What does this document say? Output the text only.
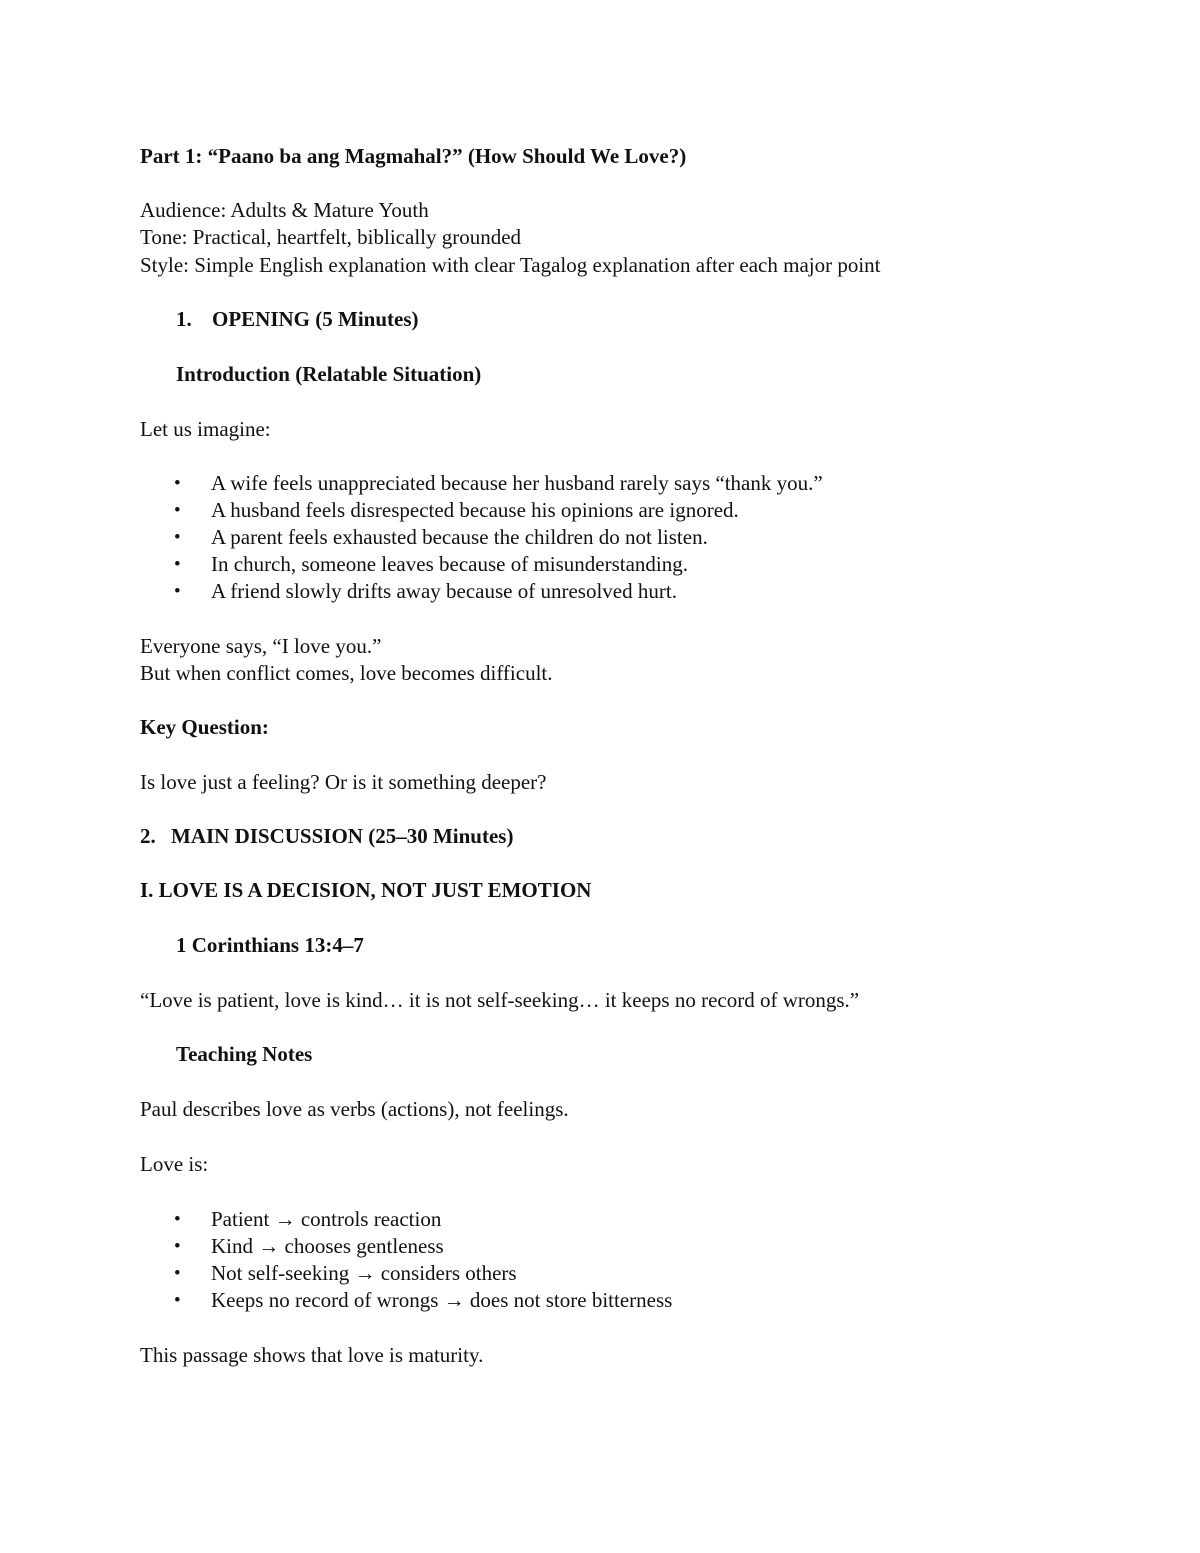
Part 1: “Paano ba ang Magmahal?” (How Should We Love?)
Audience: Adults & Mature Youth
Tone: Practical, heartfelt, biblically grounded
Style: Simple English explanation with clear Tagalog explanation after each major point
1. OPENING (5 Minutes)
Introduction (Relatable Situation)
Let us imagine:
•	A wife feels unappreciated because her husband rarely says “thank you.”
•	A husband feels disrespected because his opinions are ignored.
•	A parent feels exhausted because the children do not listen.
•	In church, someone leaves because of misunderstanding.
•	A friend slowly drifts away because of unresolved hurt.
Everyone says, “I love you.”
But when conflict comes, love becomes difficult.
Key Question:
Is love just a feeling? Or is it something deeper?
2. MAIN DISCUSSION (25–30 Minutes)
I. LOVE IS A DECISION, NOT JUST EMOTION
1 Corinthians 13:4–7
“Love is patient, love is kind… it is not self-seeking… it keeps no record of wrongs.”
Teaching Notes
Paul describes love as verbs (actions), not feelings.
Love is:
•	Patient → controls reaction
•	Kind → chooses gentleness
•	Not self-seeking → considers others
•	Keeps no record of wrongs → does not store bitterness
This passage shows that love is maturity.
